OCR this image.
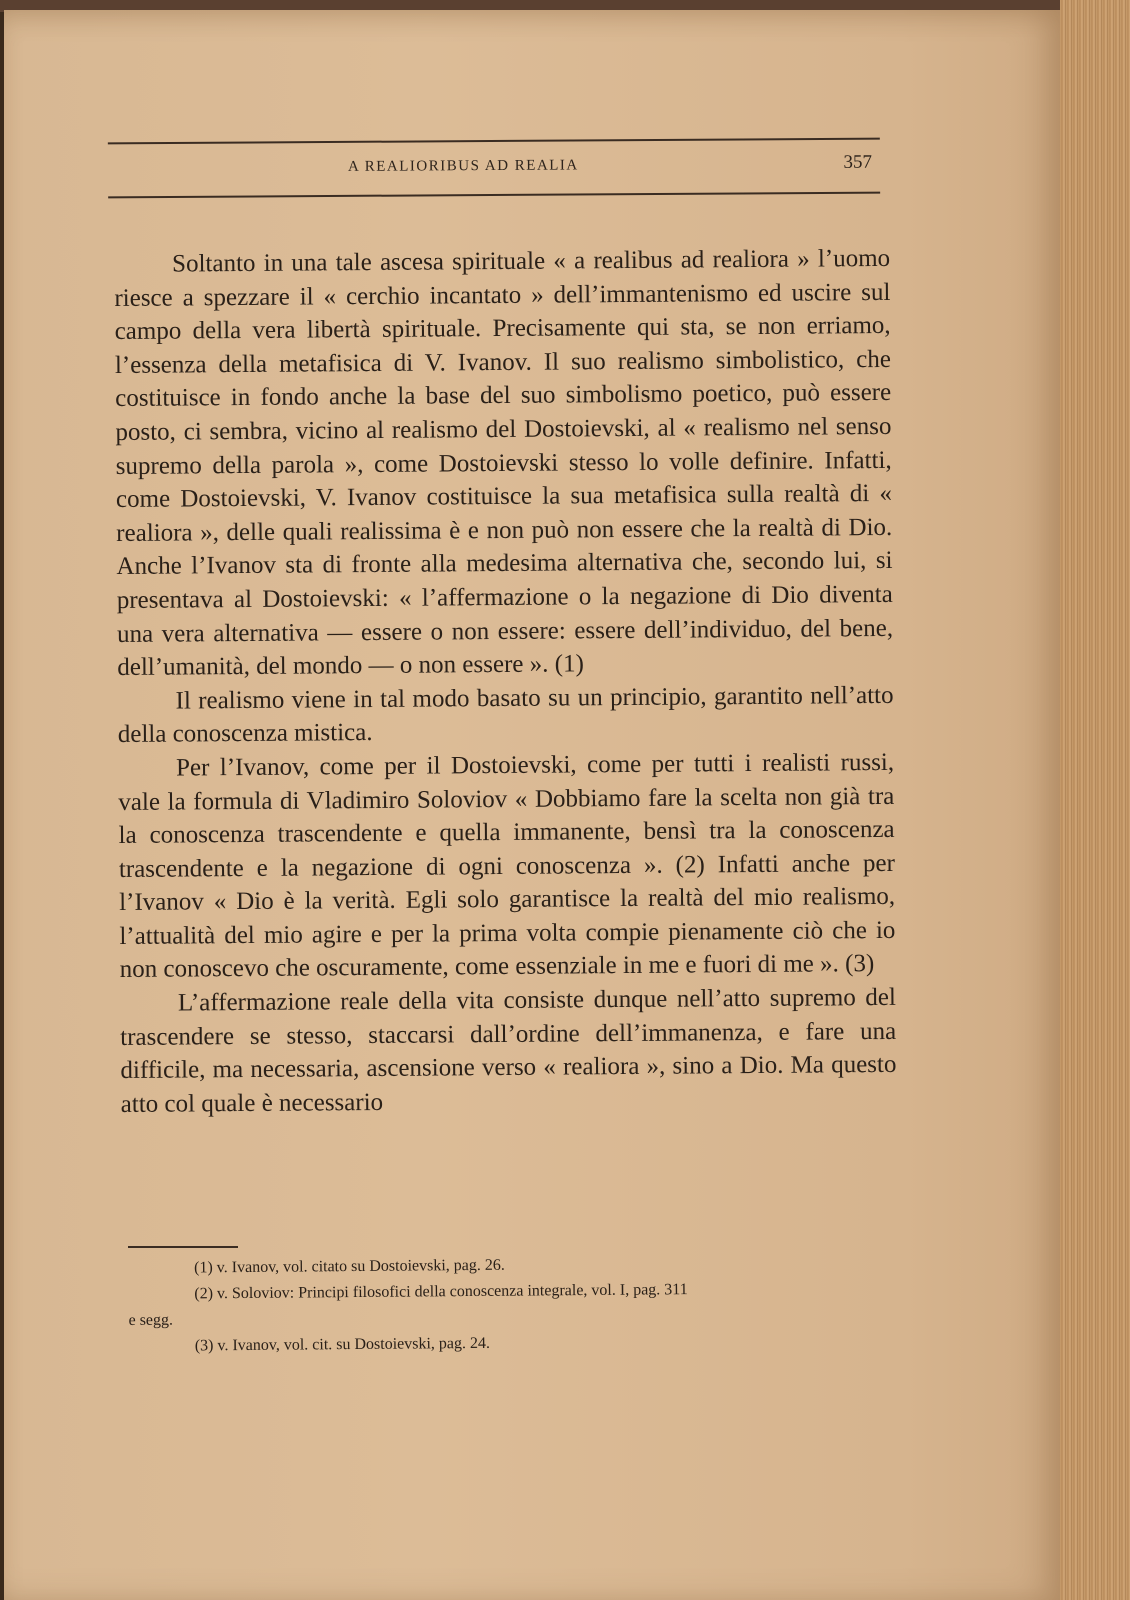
A REALIORIBUS AD REALIA	357

Soltanto in una tale ascesa spirituale « a realibus ad realiora » l’uomo riesce a spezzare il « cerchio incantato » dell’immantenismo ed uscire sul campo della vera libertà spirituale. Precisamente qui sta, se non erriamo, l’essenza della metafisica di V. Ivanov. Il suo realismo simbolistico, che costituisce in fondo anche la base del suo simbolismo poetico, può essere posto, ci sembra, vicino al realismo del Dostoievski, al « realismo nel senso supremo della parola », come Dostoievski stesso lo volle definire. Infatti, come Dostoievski, V. Ivanov costituisce la sua metafisica sulla realtà di « realiora », delle quali realissima è e non può non essere che la realtà di Dio. Anche l’Ivanov sta di fronte alla medesima alternativa che, secondo lui, si presentava al Dostoievski: « l’affermazione o la negazione di Dio diventa una vera alternativa — essere o non essere: essere dell’individuo, del bene, dell’umanità, del mondo — o non essere ». (1)

Il realismo viene in tal modo basato su un principio, garantito nell’atto della conoscenza mistica.

Per l’Ivanov, come per il Dostoievski, come per tutti i realisti russi, vale la formula di Vladimiro Soloviov « Dobbiamo fare la scelta non già tra la conoscenza trascendente e quella immanente, bensì tra la conoscenza trascendente e la negazione di ogni conoscenza ». (2) Infatti anche per l’Ivanov « Dio è la verità. Egli solo garantisce la realtà del mio realismo, l’attualità del mio agire e per la prima volta compie pienamente ciò che io non conoscevo che oscuramente, come essenziale in me e fuori di me ». (3)

L’affermazione reale della vita consiste dunque nell’atto supremo del trascendere se stesso, staccarsi dall’ordine dell’immanenza, e fare una difficile, ma necessaria, ascensione verso « realiora », sino a Dio. Ma questo atto col quale è necessario

(1) v. Ivanov, vol. citato su Dostoievski, pag. 26.
(2) v. Soloviov: Principi filosofici della conoscenza integrale, vol. I, pag. 311
e segg.
(3) v. Ivanov, vol. cit. su Dostoievski, pag. 24.
